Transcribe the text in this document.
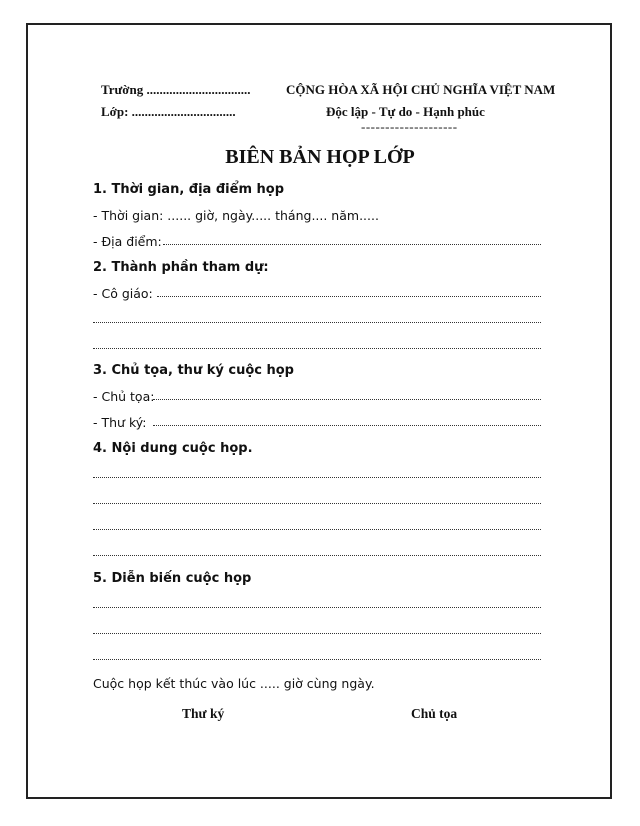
Trường ................................
Lớp: ................................
CỘNG HÒA XÃ HỘI CHỦ NGHĨA VIỆT NAM
Độc lập - Tự do - Hạnh phúc
--------------------
BIÊN BẢN HỌP LỚP
1. Thời gian, địa điểm họp
- Thời gian: ...... giờ, ngày..... tháng.... năm.....
- Địa điểm:
2. Thành phần tham dự:
- Cô giáo:
3. Chủ tọa, thư ký cuộc họp
- Chủ tọa:
- Thư ký:
4. Nội dung cuộc họp.
5. Diễn biến cuộc họp
Cuộc họp kết thúc vào lúc ..... giờ cùng ngày.
Thư ký	Chủ tọa
